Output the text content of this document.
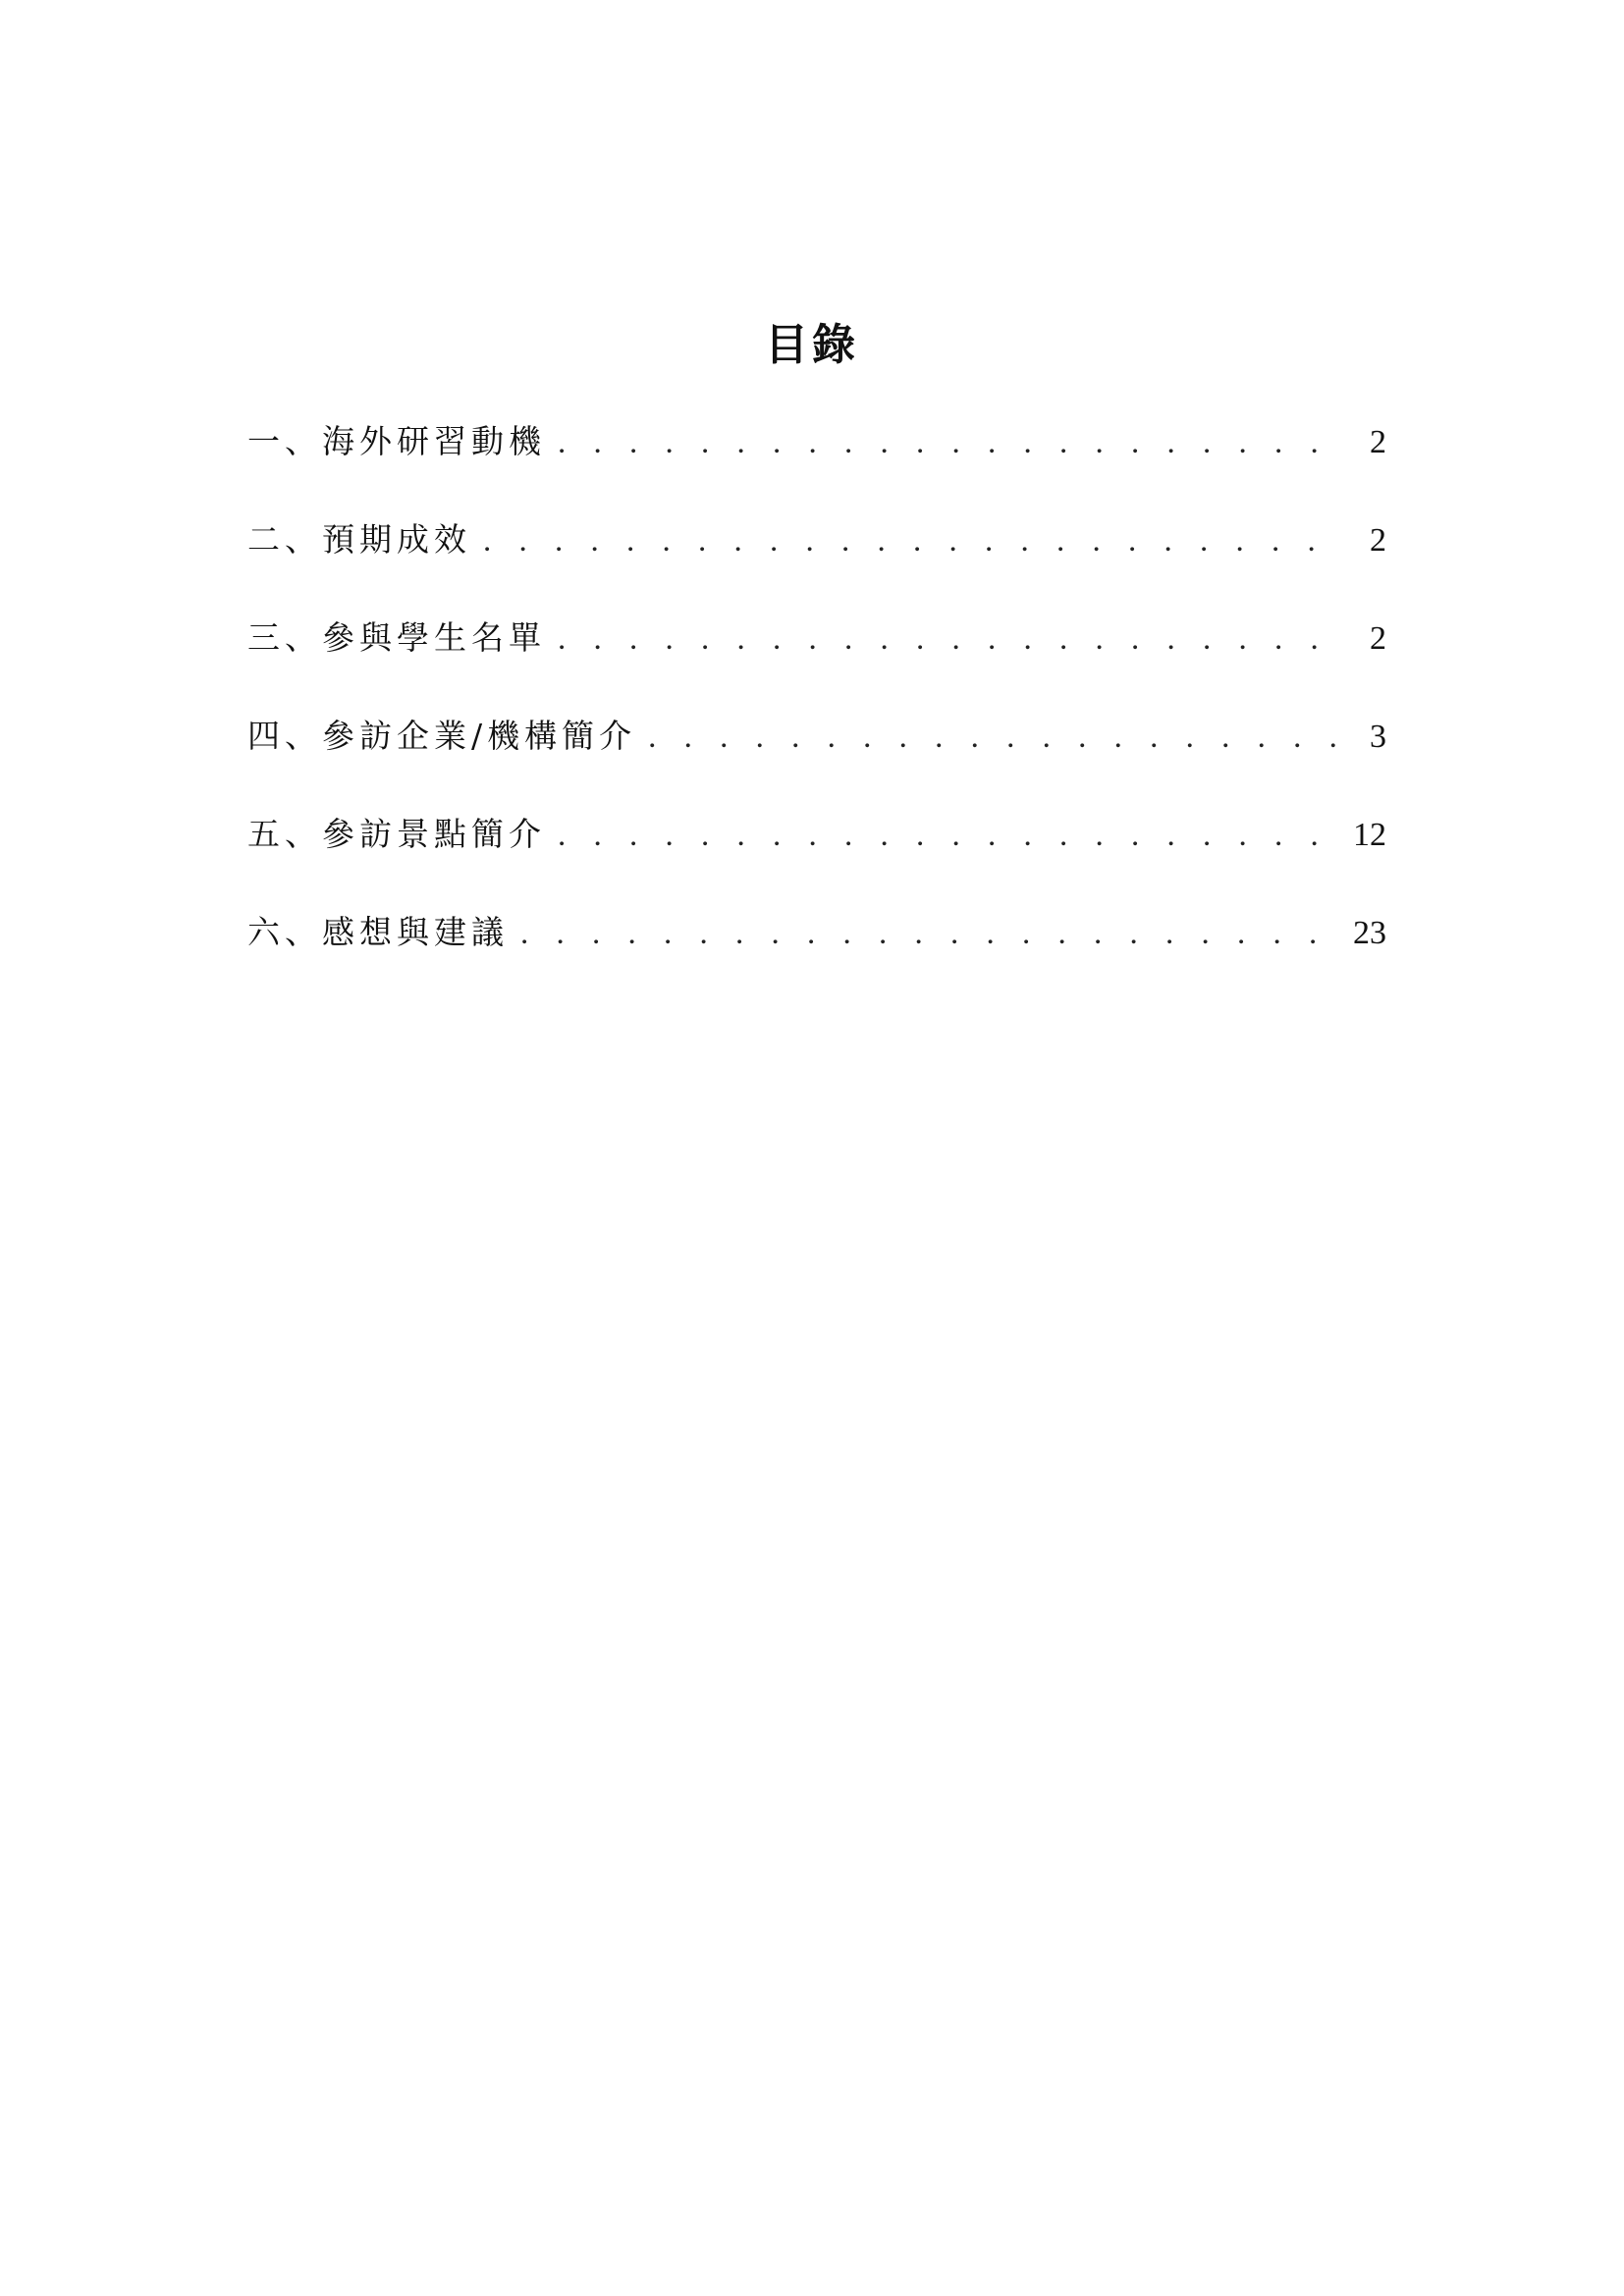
目錄
一、海外研習動機 . . .	2
二、預期成效 . . .	2
三、參與學生名單 . . .	2
四、參訪企業/機構簡介 . . .	3
五、參訪景點簡介 . . .	12
六、感想與建議 . . .	23
